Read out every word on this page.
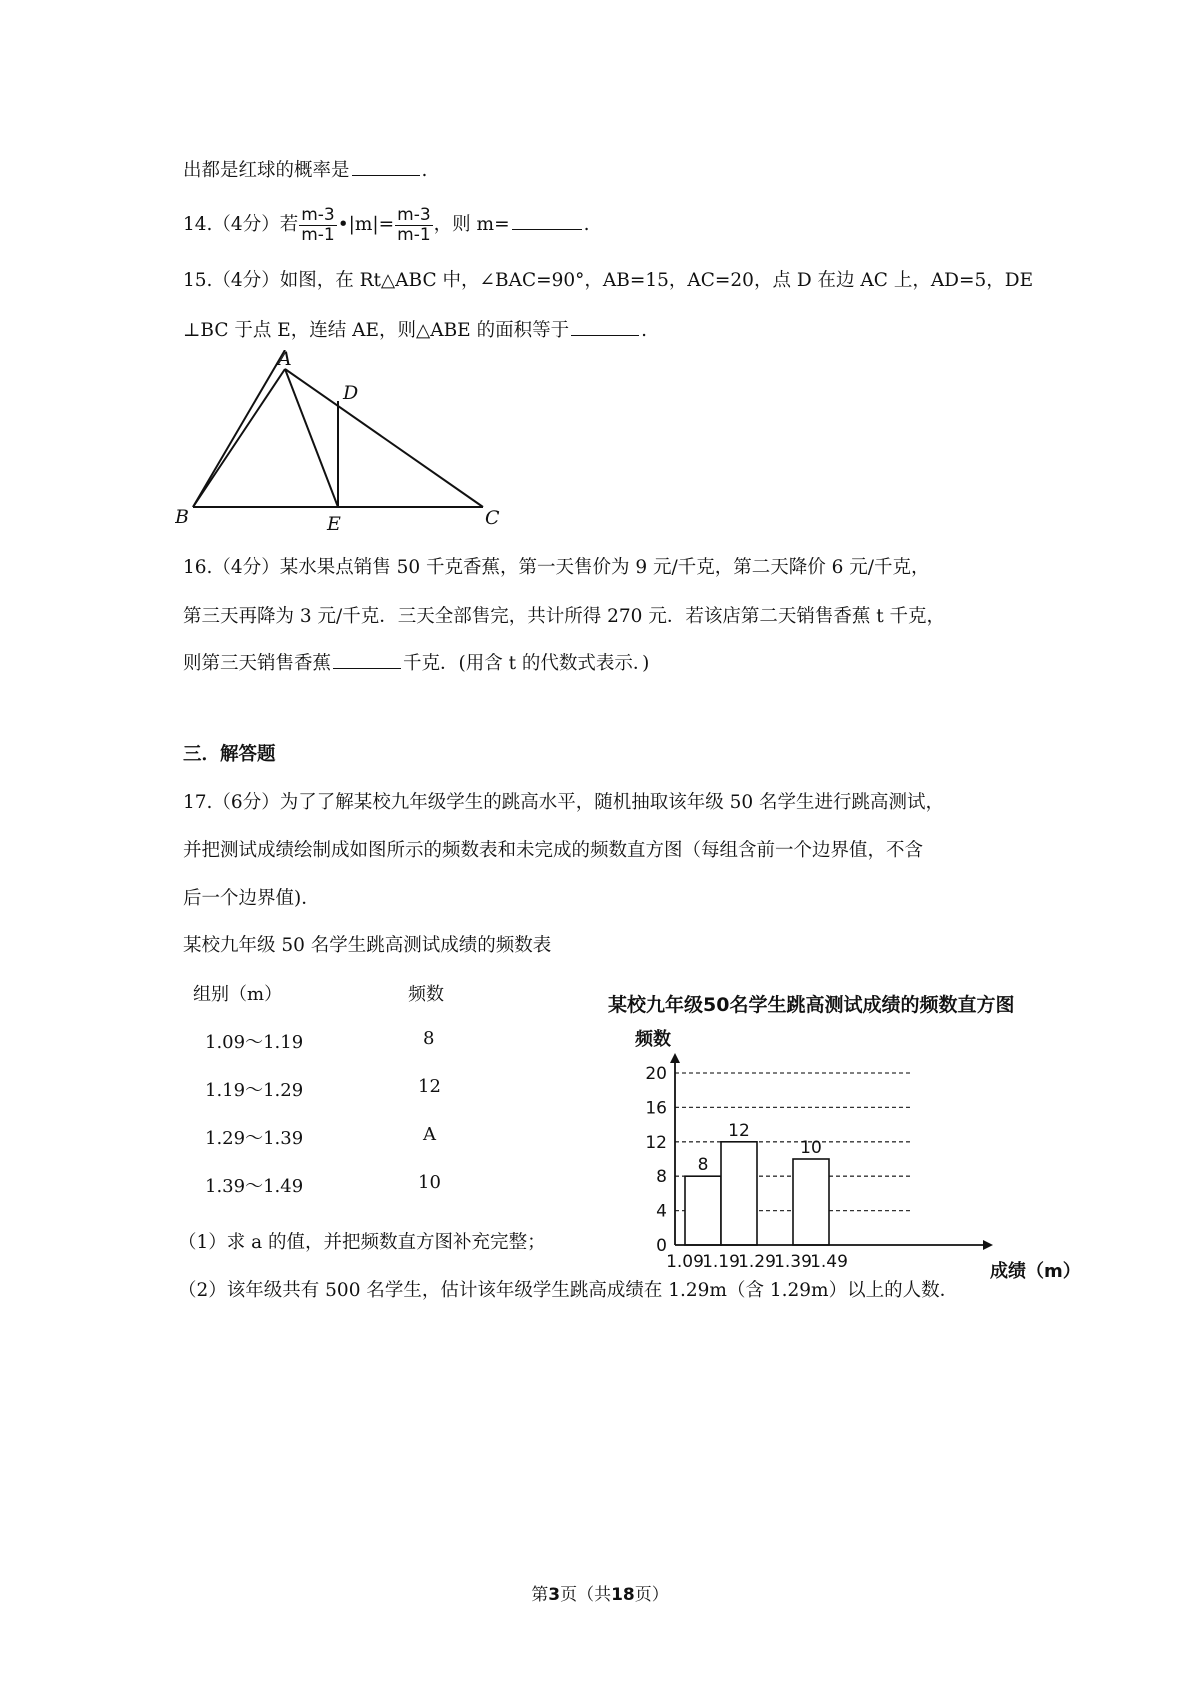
出都是红球的概率是	.
14.（4分）若 $\frac{m-3}{m-1}$ •|m|= $\frac{m-3}{m-1}$ ，则 m=	.
15.（4分）如图，在 Rt△ABC 中，∠BAC=90°，AB=15，AC=20，点 D 在边 AC 上，AD=5，DE
⊥BC 于点 E，连结 AE，则△ABE 的面积等于	.
A
D
B	E	C
16.（4分）某水果点销售 50 千克香蕉，第一天售价为 9 元/千克，第二天降价 6 元/千克，
第三天再降为 3 元/千克．三天全部售完，共计所得 270 元．若该店第二天销售香蕉 t 千克，
则第三天销售香蕉	千克．(用含 t 的代数式表示．)
三．解答题
17.（6分）为了了解某校九年级学生的跳高水平，随机抽取该年级 50 名学生进行跳高测试，
并把测试成绩绘制成如图所示的频数表和未完成的频数直方图（每组含前一个边界值，不含
后一个边界值)．
某校九年级 50 名学生跳高测试成绩的频数表
组别（m）	频数
1.09～1.19	8
1.19～1.29	12
1.29～1.39	A
1.39～1.49	10
某校九年级50名学生跳高测试成绩的频数直方图
频数
成绩（m）
0
4
8
12
16
20
8
12
10
1.09
1.19
1.29
1.39
1.49
（1）求 a 的值，并把频数直方图补充完整；
（2）该年级共有 500 名学生，估计该年级学生跳高成绩在 1.29m（含 1.29m）以上的人数．
第3页（共18页）
